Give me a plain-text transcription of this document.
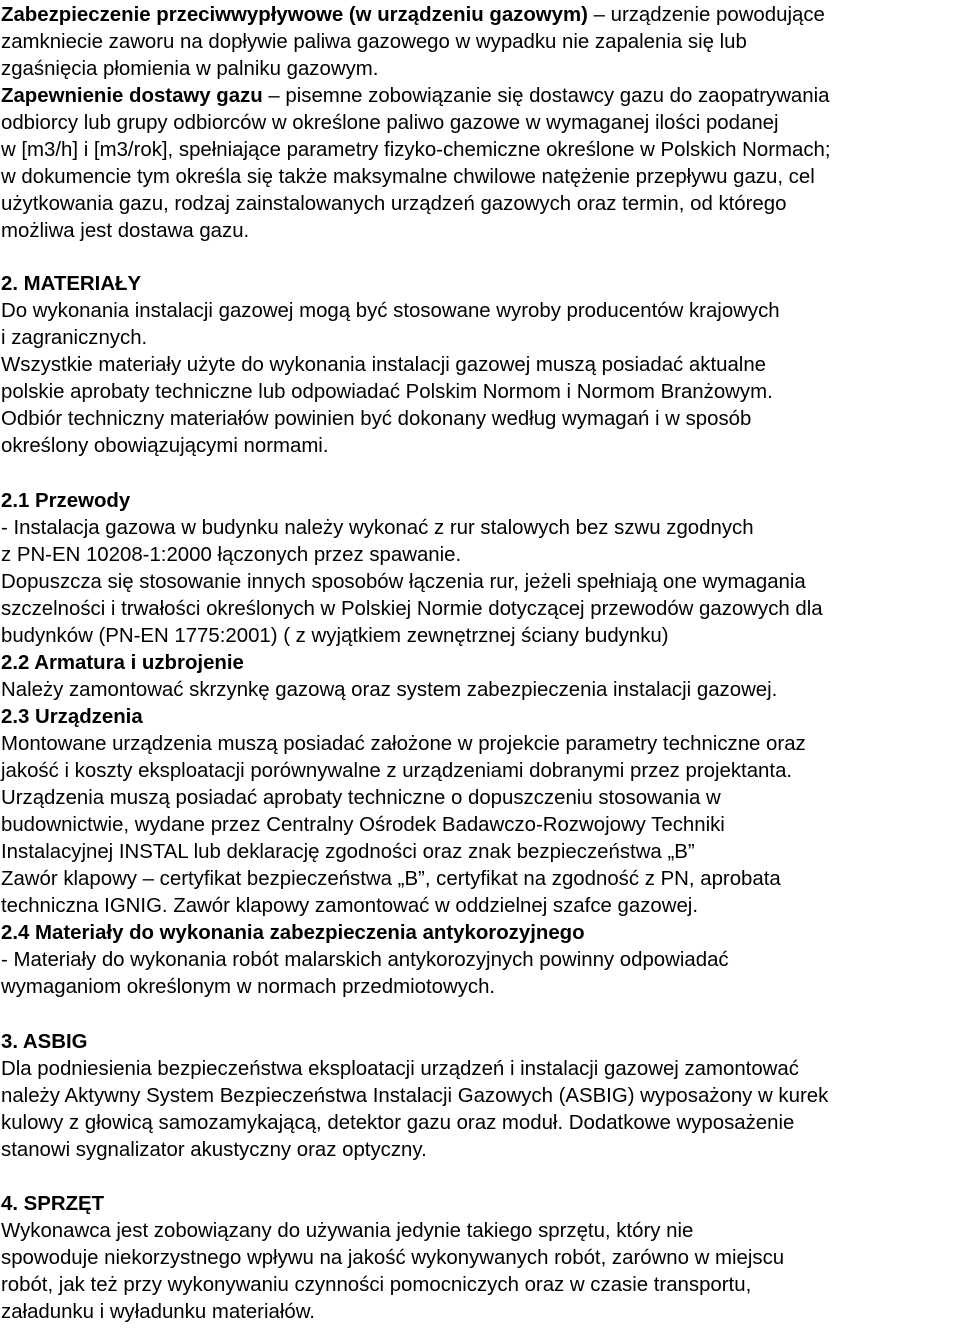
Zabezpieczenie przeciwwypływowe (w urządzeniu gazowym) – urządzenie powodujące
zamkniecie zaworu na dopływie paliwa gazowego w wypadku nie zapalenia się lub
zgaśnięcia płomienia w palniku gazowym.
Zapewnienie dostawy gazu – pisemne zobowiązanie się dostawcy gazu do zaopatrywania
odbiorcy lub grupy odbiorców w określone paliwo gazowe w wymaganej ilości podanej
w [m3/h] i [m3/rok], spełniające parametry fizyko-chemiczne określone w Polskich Normach;
w dokumencie tym określa się także maksymalne chwilowe natężenie przepływu gazu, cel
użytkowania gazu, rodzaj zainstalowanych urządzeń gazowych oraz termin, od którego
możliwa jest dostawa gazu.
2. MATERIAŁY
Do wykonania instalacji gazowej mogą być stosowane wyroby producentów krajowych
i zagranicznych.
Wszystkie materiały użyte do wykonania instalacji gazowej muszą posiadać aktualne
polskie aprobaty techniczne lub odpowiadać Polskim Normom i Normom Branżowym.
Odbiór techniczny materiałów powinien być dokonany według wymagań i w sposób
określony obowiązującymi normami.
2.1 Przewody
- Instalacja gazowa w budynku należy wykonać z rur stalowych bez szwu zgodnych
z PN-EN 10208-1:2000 łączonych przez spawanie.
Dopuszcza się stosowanie innych sposobów łączenia rur, jeżeli spełniają one wymagania
szczelności i trwałości określonych w Polskiej Normie dotyczącej przewodów gazowych dla
budynków (PN-EN 1775:2001) ( z wyjątkiem zewnętrznej ściany budynku)
2.2 Armatura i uzbrojenie
Należy zamontować skrzynkę gazową oraz system zabezpieczenia instalacji gazowej.
2.3 Urządzenia
Montowane urządzenia muszą posiadać założone w projekcie parametry techniczne oraz
jakość i koszty eksploatacji porównywalne z urządzeniami dobranymi przez projektanta.
Urządzenia muszą posiadać aprobaty techniczne o dopuszczeniu stosowania w
budownictwie, wydane przez Centralny Ośrodek Badawczo-Rozwojowy Techniki
Instalacyjnej INSTAL lub deklarację zgodności oraz znak bezpieczeństwa „B”
Zawór klapowy – certyfikat bezpieczeństwa „B”, certyfikat na zgodność z PN, aprobata
techniczna IGNIG. Zawór klapowy zamontować w oddzielnej szafce gazowej.
2.4 Materiały do wykonania zabezpieczenia antykorozyjnego
- Materiały do wykonania robót malarskich antykorozyjnych powinny odpowiadać
wymaganiom określonym w normach przedmiotowych.
3. ASBIG
Dla podniesienia bezpieczeństwa eksploatacji urządzeń i instalacji gazowej zamontować
należy Aktywny System Bezpieczeństwa Instalacji Gazowych (ASBIG) wyposażony w kurek
kulowy z głowicą samozamykającą, detektor gazu oraz moduł. Dodatkowe wyposażenie
stanowi sygnalizator akustyczny oraz optyczny.
4. SPRZĘT
Wykonawca jest zobowiązany do używania jedynie takiego sprzętu, który nie
spowoduje niekorzystnego wpływu na jakość wykonywanych robót, zarówno w miejscu
robót, jak też przy wykonywaniu czynności pomocniczych oraz w czasie transportu,
załadunku i wyładunku materiałów.
